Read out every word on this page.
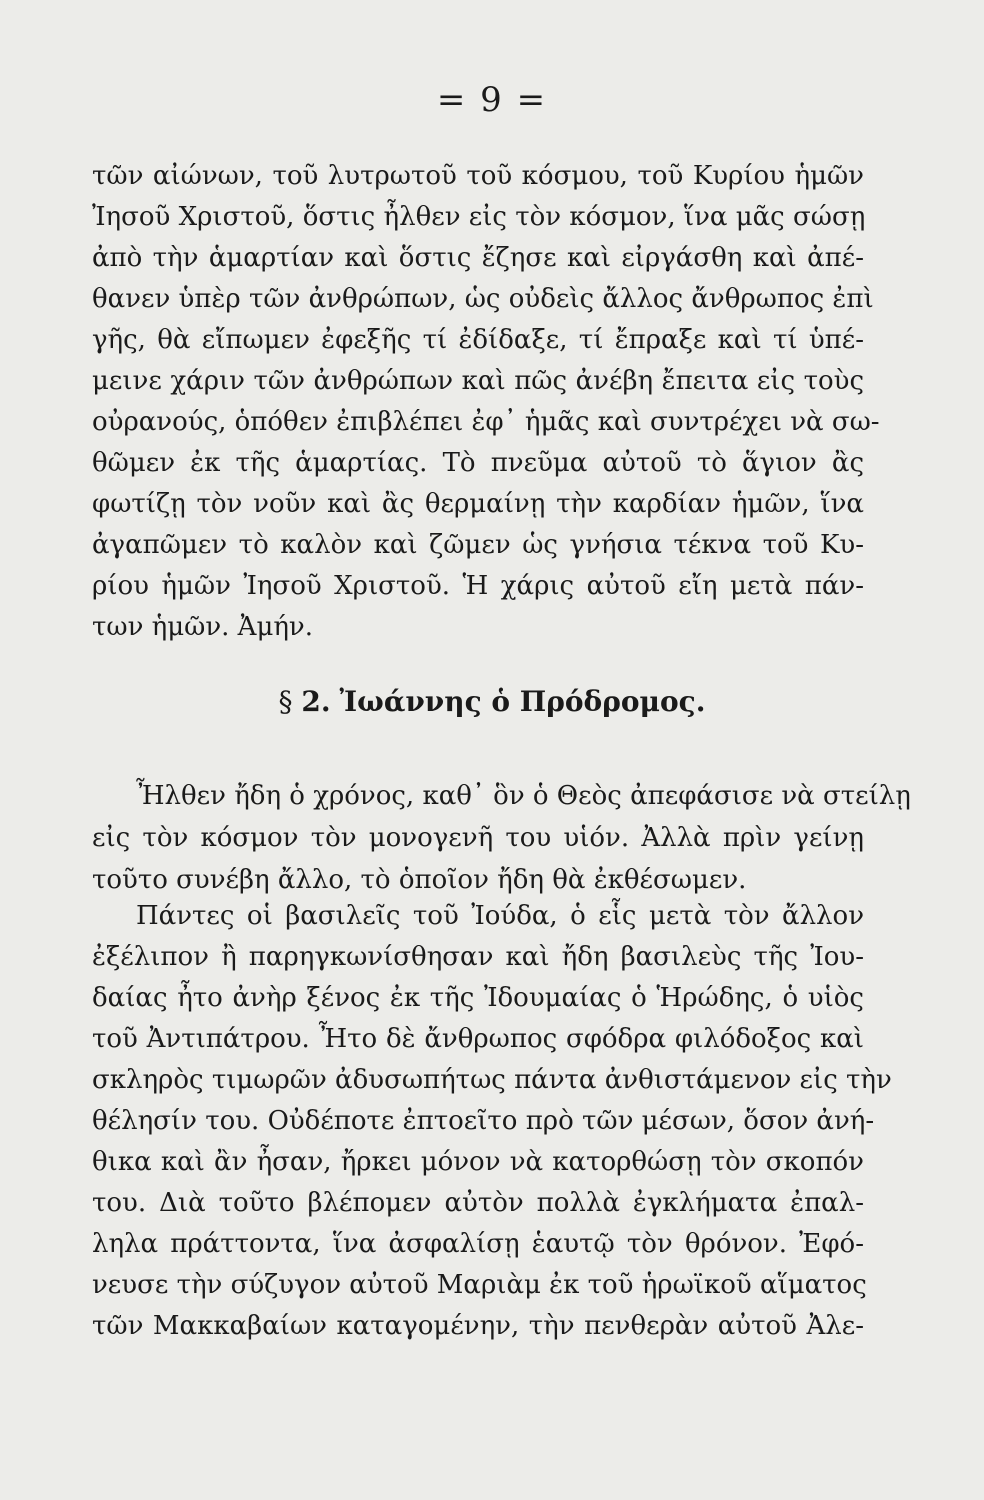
= 9 =
τῶν αἰώνων, τοῦ λυτρωτοῦ τοῦ κόσμου, τοῦ Κυρίου ἡμῶν
Ἰησοῦ Χριστοῦ, ὅστις ἦλθεν εἰς τὸν κόσμον, ἵνα μᾶς σώσῃ
ἀπὸ τὴν ἁμαρτίαν καὶ ὅστις ἔζησε καὶ εἰργάσθη καὶ ἀπέ-
θανεν ὑπὲρ τῶν ἀνθρώπων, ὡς οὐδεὶς ἄλλος ἄνθρωπος ἐπὶ
γῆς, θὰ εἴπωμεν ἐφεξῆς τί ἐδίδαξε, τί ἔπραξε καὶ τί ὑπέ-
μεινε χάριν τῶν ἀνθρώπων καὶ πῶς ἀνέβη ἔπειτα εἰς τοὺς
οὐρανούς, ὁπόθεν ἐπιβλέπει ἐφ᾿ ἡμᾶς καὶ συντρέχει νὰ σω-
θῶμεν ἐκ τῆς ἁμαρτίας. Τὸ πνεῦμα αὐτοῦ τὸ ἅγιον ἂς
φωτίζῃ τὸν νοῦν καὶ ἂς θερμαίνῃ τὴν καρδίαν ἡμῶν, ἵνα
ἀγαπῶμεν τὸ καλὸν καὶ ζῶμεν ὡς γνήσια τέκνα τοῦ Κυ-
ρίου ἡμῶν Ἰησοῦ Χριστοῦ. Ἡ χάρις αὐτοῦ εἴη μετὰ πάν-
των ἡμῶν. Ἀμήν.
§ 2. Ἰωάννης ὁ Πρόδρομος.
Ἦλθεν ἤδη ὁ χρόνος, καθ᾿ ὃν ὁ Θεὸς ἀπεφάσισε νὰ στείλῃ
εἰς τὸν κόσμον τὸν μονογενῆ του υἱόν. Ἀλλὰ πρὶν γείνῃ
τοῦτο συνέβη ἄλλο, τὸ ὁποῖον ἤδη θὰ ἐκθέσωμεν.
Πάντες οἱ βασιλεῖς τοῦ Ἰούδα, ὁ εἷς μετὰ τὸν ἄλλον
ἐξέλιπον ἢ παρηγκωνίσθησαν καὶ ἤδη βασιλεὺς τῆς Ἰου-
δαίας ἦτο ἀνὴρ ξένος ἐκ τῆς Ἰδουμαίας ὁ Ἡρώδης, ὁ υἱὸς
τοῦ Ἀντιπάτρου. Ἦτο δὲ ἄνθρωπος σφόδρα φιλόδοξος καὶ
σκληρὸς τιμωρῶν ἀδυσωπήτως πάντα ἀνθιστάμενον εἰς τὴν
θέλησίν του. Οὐδέποτε ἐπτοεῖτο πρὸ τῶν μέσων, ὅσον ἀνή-
θικα καὶ ἂν ἦσαν, ἤρκει μόνον νὰ κατορθώσῃ τὸν σκοπόν
του. Διὰ τοῦτο βλέπομεν αὐτὸν πολλὰ ἐγκλήματα ἐπαλ-
ληλα πράττοντα, ἵνα ἀσφαλίσῃ ἑαυτῷ τὸν θρόνον. Ἐφό-
νευσε τὴν σύζυγον αὐτοῦ Μαριὰμ ἐκ τοῦ ἡρωϊκοῦ αἵματος
τῶν Μακκαβαίων καταγομένην, τὴν πενθερὰν αὐτοῦ Ἀλε-
